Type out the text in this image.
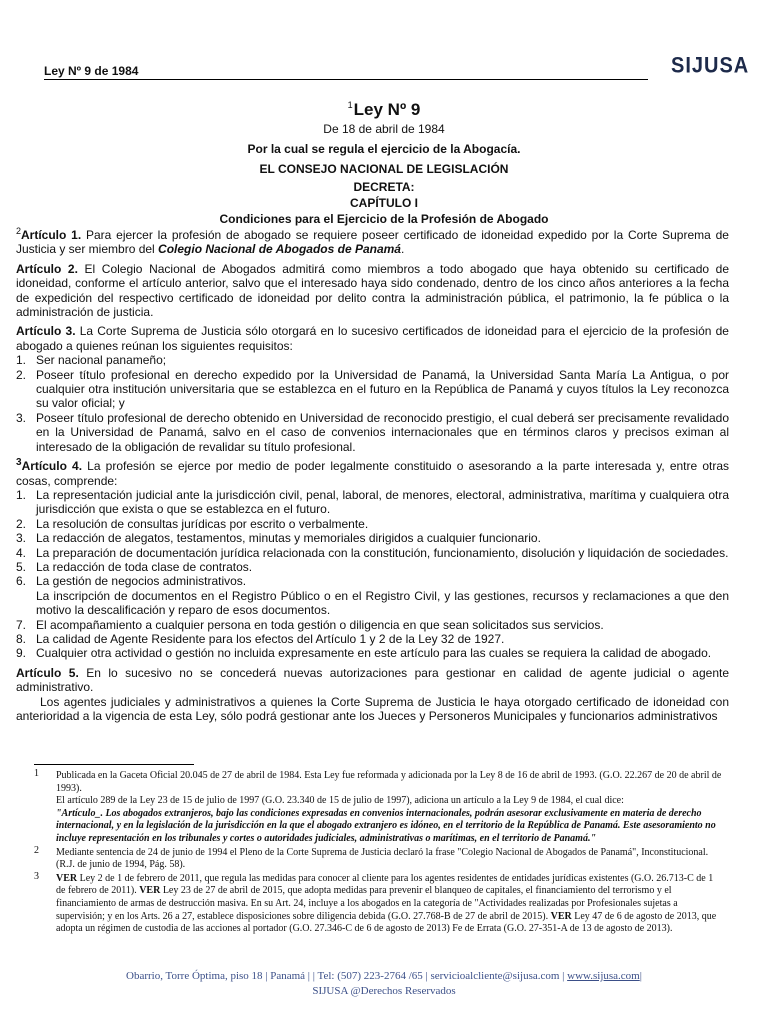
Ley Nº 9 de 1984	SIJUSA
$^1$Ley Nº 9
De 18 de abril de 1984
Por la cual se regula el ejercicio de la Abogacía.
EL CONSEJO NACIONAL DE LEGISLACIÓN
DECRETA:
CAPÍTULO I
Condiciones para el Ejercicio de la Profesión de Abogado

$^2$Artículo 1. Para ejercer la profesión de abogado se requiere poseer certificado de idoneidad expedido por la Corte Suprema de Justicia y ser miembro del Colegio Nacional de Abogados de Panamá.

Artículo 2. El Colegio Nacional de Abogados admitirá como miembros a todo abogado que haya obtenido su certificado de idoneidad, conforme el artículo anterior, salvo que el interesado haya sido condenado, dentro de los cinco años anteriores a la fecha de expedición del respectivo certificado de idoneidad por delito contra la administración pública, el patrimonio, la fe pública o la administración de justicia.

Artículo 3. La Corte Suprema de Justicia sólo otorgará en lo sucesivo certificados de idoneidad para el ejercicio de la profesión de abogado a quienes reúnan los siguientes requisitos:

1. Ser nacional panameño;
2. Poseer título profesional en derecho expedido por la Universidad de Panamá, la Universidad Santa María La Antigua, o por cualquier otra institución universitaria que se establezca en el futuro en la República de Panamá y cuyos títulos la Ley reconozca su valor oficial; y
3. Poseer título profesional de derecho obtenido en Universidad de reconocido prestigio, el cual deberá ser precisamente revalidado en la Universidad de Panamá, salvo en el caso de convenios internacionales que en términos claros y precisos eximan al interesado de la obligación de revalidar su título profesional.

$^3$Artículo 4. La profesión se ejerce por medio de poder legalmente constituido o asesorando a la parte interesada y, entre otras cosas, comprende:

1. La representación judicial ante la jurisdicción civil, penal, laboral, de menores, electoral, administrativa, marítima y cualquiera otra jurisdicción que exista o que se establezca en el futuro.
2. La resolución de consultas jurídicas por escrito o verbalmente.
3. La redacción de alegatos, testamentos, minutas y memoriales dirigidos a cualquier funcionario.
4. La preparación de documentación jurídica relacionada con la constitución, funcionamiento, disolución y liquidación de sociedades.
5. La redacción de toda clase de contratos.
6. La gestión de negocios administrativos.
La inscripción de documentos en el Registro Público o en el Registro Civil, y las gestiones, recursos y reclamaciones a que den motivo la descalificación y reparo de esos documentos.
7. El acompañamiento a cualquier persona en toda gestión o diligencia en que sean solicitados sus servicios.
8. La calidad de Agente Residente para los efectos del Artículo 1 y 2 de la Ley 32 de 1927.
9. Cualquier otra actividad o gestión no incluida expresamente en este artículo para las cuales se requiera la calidad de abogado.

Artículo 5. En lo sucesivo no se concederá nuevas autorizaciones para gestionar en calidad de agente judicial o agente administrativo.

Los agentes judiciales y administrativos a quienes la Corte Suprema de Justicia le haya otorgado certificado de idoneidad con anterioridad a la vigencia de esta Ley, sólo podrá gestionar ante los Jueces y Personeros Municipales y funcionarios administrativos

1 Publicada en la Gaceta Oficial 20.045 de 27 de abril de 1984. Esta Ley fue reformada y adicionada por la Ley 8 de 16 de abril de 1993. (G.O. 22.267 de 20 de abril de 1993).
El artículo 289 de la Ley 23 de 15 de julio de 1997 (G.O. 23.340 de 15 de julio de 1997), adiciona un artículo a la Ley 9 de 1984, el cual dice:
"Artículo_. Los abogados extranjeros, bajo las condiciones expresadas en convenios internacionales, podrán asesorar exclusivamente en materia de derecho internacional, y en la legislación de la jurisdicción en la que el abogado extranjero es idóneo, en el territorio de la República de Panamá. Este asesoramiento no incluye representación en los tribunales y cortes o autoridades judiciales, administrativas o marítimas, en el territorio de Panamá."
2 Mediante sentencia de 24 de junio de 1994 el Pleno de la Corte Suprema de Justicia declaró la frase "Colegio Nacional de Abogados de Panamá", Inconstitucional.
(R.J. de junio de 1994, Pág. 58).
3 VER Ley 2 de 1 de febrero de 2011, que regula las medidas para conocer al cliente para los agentes residentes de entidades jurídicas existentes (G.O. 26.713-C de 1 de febrero de 2011). VER Ley 23 de 27 de abril de 2015, que adopta medidas para prevenir el blanqueo de capitales, el financiamiento del terrorismo y el financiamiento de armas de destrucción masiva. En su Art. 24, incluye a los abogados en la categoría de "Actividades realizadas por Profesionales sujetas a supervisión; y en los Arts. 26 a 27, establece disposiciones sobre diligencia debida (G.O. 27.768-B de 27 de abril de 2015). VER Ley 47 de 6 de agosto de 2013, que adopta un régimen de custodia de las acciones al portador (G.O. 27.346-C de 6 de agosto de 2013) Fe de Errata (G.O. 27-351-A de 13 de agosto de 2013).
Obarrio, Torre Óptima, piso 18 | Panamá | | Tel: (507) 223-2764 /65 | servicioalcliente@sijusa.com | www.sijusa.com|
SIJUSA @Derechos Reservados
